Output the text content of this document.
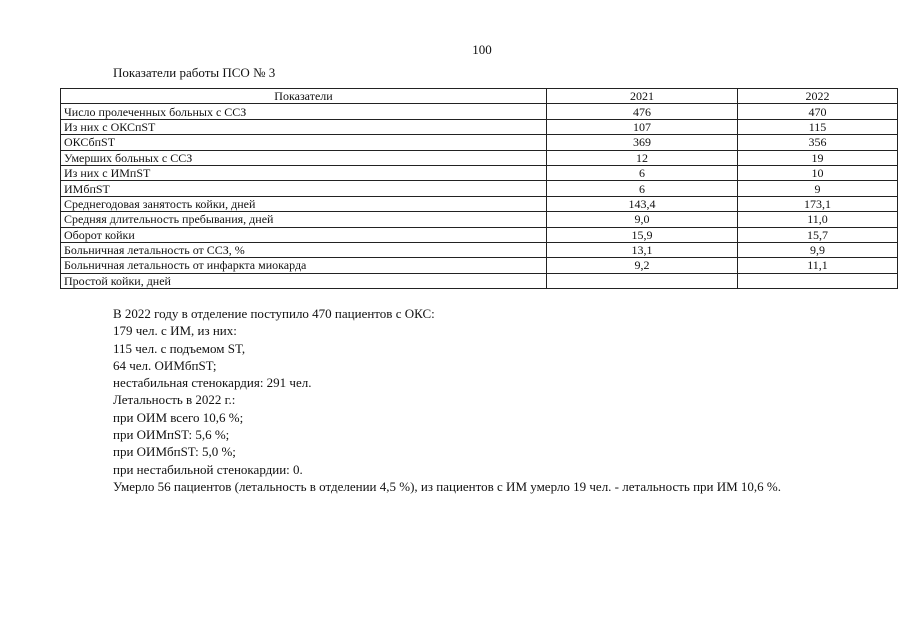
100
Показатели работы ПСО № 3
Показатели	2021	2022
Число пролеченных больных с ССЗ	476	470
Из них с ОКСпST	107	115
ОКСбпST	369	356
Умерших больных с ССЗ	12	19
Из них с ИМпST	6	10
ИМбпST	6	9
Среднегодовая занятость койки, дней	143,4	173,1
Средняя длительность пребывания, дней	9,0	11,0
Оборот койки	15,9	15,7
Больничная летальность от ССЗ, %	13,1	9,9
Больничная летальность от инфаркта миокарда	9,2	11,1
Простой койки, дней		
В 2022 году в отделение поступило 470 пациентов с ОКС:
179 чел. с ИМ, из них:
115 чел. с подъемом ST,
64 чел. ОИМбпST;
нестабильная стенокардия: 291 чел.
Летальность в 2022 г.:
при ОИМ всего 10,6 %;
при ОИМпST: 5,6 %;
при ОИМбпST: 5,0 %;
при нестабильной стенокардии: 0.
Умерло 56 пациентов (летальность в отделении 4,5 %), из пациентов с ИМ умерло 19 чел. - летальность при ИМ 10,6 %.
